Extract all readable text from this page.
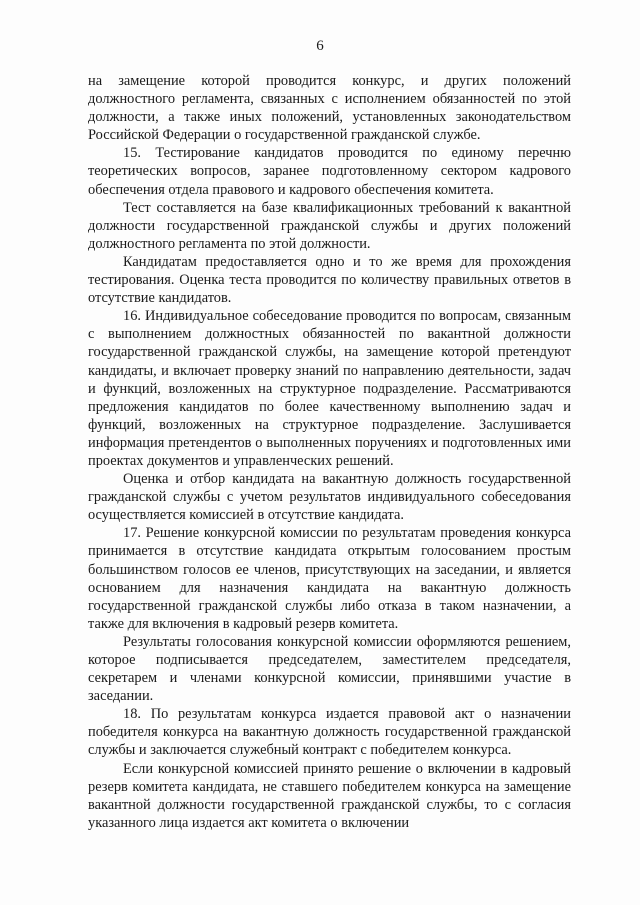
6

на замещение которой проводится конкурс, и других положений должностного регламента, связанных с исполнением обязанностей по этой должности, а также иных положений, установленных законодательством Российской Федерации о государственной гражданской службе.

15. Тестирование кандидатов проводится по единому перечню теоретических вопросов, заранее подготовленному сектором кадрового обеспечения отдела правового и кадрового обеспечения комитета.

Тест составляется на базе квалификационных требований к вакантной должности государственной гражданской службы и других положений должностного регламента по этой должности.

Кандидатам предоставляется одно и то же время для прохождения тестирования. Оценка теста проводится по количеству правильных ответов в отсутствие кандидатов.

16. Индивидуальное собеседование проводится по вопросам, связанным с выполнением должностных обязанностей по вакантной должности государственной гражданской службы, на замещение которой претендуют кандидаты, и включает проверку знаний по направлению деятельности, задач и функций, возложенных на структурное подразделение. Рассматриваются предложения кандидатов по более качественному выполнению задач и функций, возложенных на структурное подразделение. Заслушивается информация претендентов о выполненных поручениях и подготовленных ими проектах документов и управленческих решений.

Оценка и отбор кандидата на вакантную должность государственной гражданской службы с учетом результатов индивидуального собеседования осуществляется комиссией в отсутствие кандидата.

17. Решение конкурсной комиссии по результатам проведения конкурса принимается в отсутствие кандидата открытым голосованием простым большинством голосов ее членов, присутствующих на заседании, и является основанием для назначения кандидата на вакантную должность государственной гражданской службы либо отказа в таком назначении, а также для включения в кадровый резерв комитета.

Результаты голосования конкурсной комиссии оформляются решением, которое подписывается председателем, заместителем председателя, секретарем и членами конкурсной комиссии, принявшими участие в заседании.

18. По результатам конкурса издается правовой акт о назначении победителя конкурса на вакантную должность государственной гражданской службы и заключается служебный контракт с победителем конкурса.

Если конкурсной комиссией принято решение о включении в кадровый резерв комитета кандидата, не ставшего победителем конкурса на замещение вакантной должности государственной гражданской службы, то с согласия указанного лица издается акт комитета о включении
